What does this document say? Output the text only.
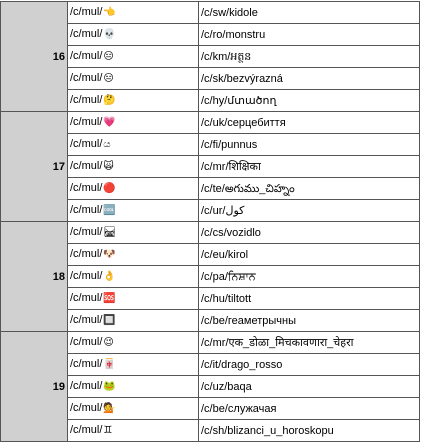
16	/c/mul/👈	/c/sw/kidole
	/c/mul/💀	/c/ro/monstru
	/c/mul/😑	/c/km/អត្ថន
	/c/mul/😑	/c/sk/bezvýrazná
	/c/mul/🤔	/c/hy/մտածող
17	/c/mul/💗	/c/uk/серцебиття
	/c/mul/ය	/c/fi/punnus
	/c/mul/🙀	/c/mr/शिक्षिका
	/c/mul/🔴	/c/te/అగుము_చిహ్నం
	/c/mul/🆒	/c/ur/کول
18	/c/mul/🛤	/c/cs/vozidlo
	/c/mul/🐶	/c/eu/kirol
	/c/mul/👌	/c/pa/ਨਿਸ਼ਾਨ
	/c/mul/🆘	/c/hu/tiltott
	/c/mul/🔲	/c/be/геаметрычны
19	/c/mul/😉	/c/mr/एक_डोळा_मिचकावणारा_चेहरा
	/c/mul/🀄	/c/it/drago_rosso
	/c/mul/🐸	/c/uz/baqa
	/c/mul/💁	/c/be/служачая
	/c/mul/♊	/c/sh/blizanci_u_horoskopu
